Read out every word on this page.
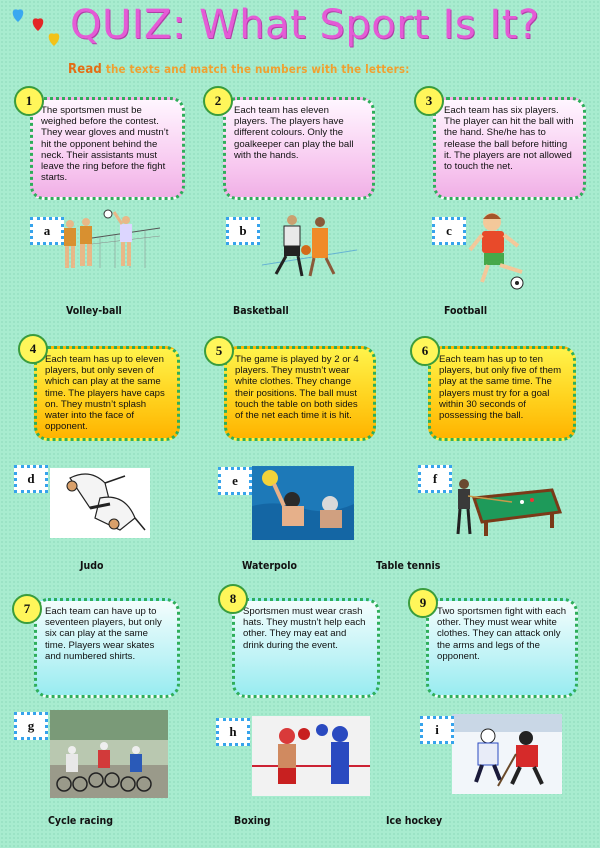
QUIZ: What Sport Is It?
Read the texts and match the numbers with the letters:
1
The sportsmen must be weighed before the contest. They wear gloves and mustn’t hit the opponent behind the neck. Their assistants must leave the ring before the fight starts.
2
Each team has eleven players. The players have different colours. Only the goalkeeper can play the ball with the hands.
3
Each team has six players. The player can hit the ball with the hand. She/he has to release the ball before hitting it. The players are not allowed to touch the net.
a
Volley-ball
b
Basketball
c
Football
4
Each team has up to eleven players, but only seven of which can play at the same time. The players have caps on. They mustn’t splash water into the face of opponent.
5
The game is played by 2 or 4 players. They mustn’t wear white clothes. They change their positions. The ball must touch the table on both sides of the net each time it is hit.
6
Each team has up to ten players, but only five of them play at the same time. The players must try for a goal within 30 seconds of possessing the ball.
d
Judo
e
Waterpolo
f
Table tennis
7	Each team can have up to seventeen players, but only six can play at the same time. Players wear skates and numbered shirts.
8
Sportsmen must wear crash hats. They mustn’t help each other. They may eat and drink during the event.
9
Two sportsmen fight with each other. They must wear white clothes. They can attack only the arms and legs of the opponent.
g
Cycle racing
h
Boxing
i
Ice hockey
